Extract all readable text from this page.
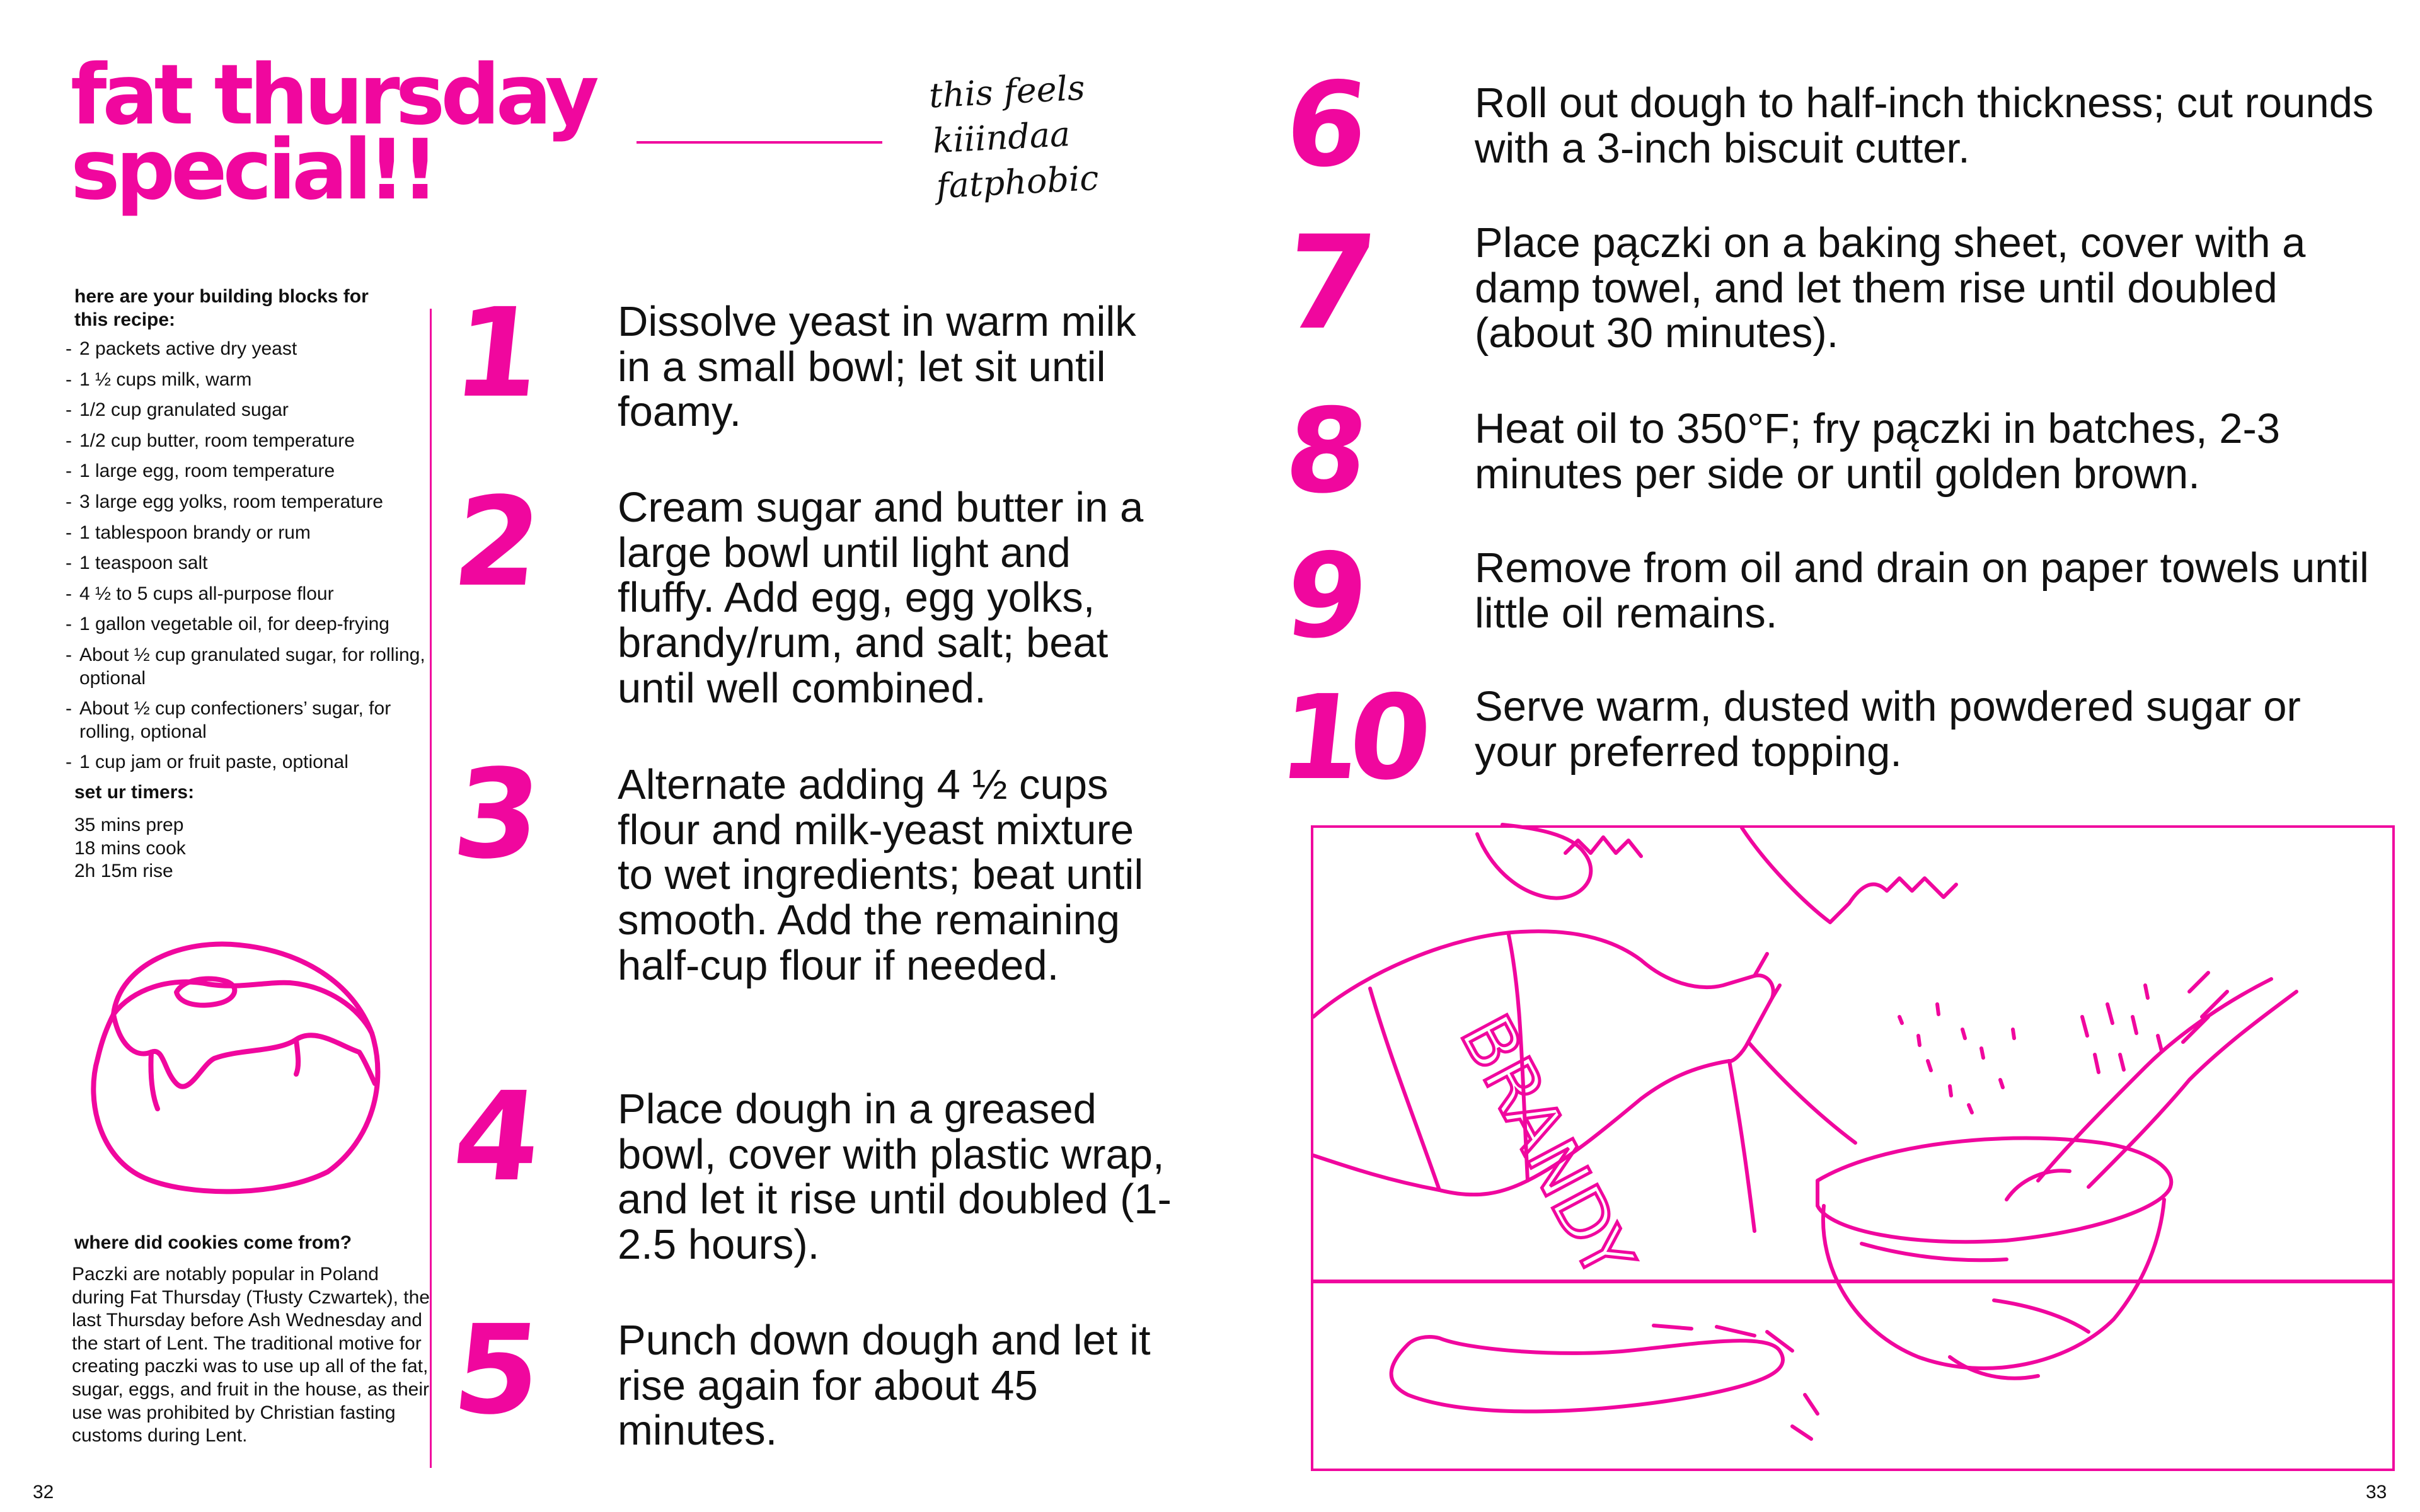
fat thursday
special!!
this feels kiiindaa fatphobic
here are your building blocks for this recipe:
- 2 packets active dry yeast
- 1 ½ cups milk, warm
- 1/2 cup granulated sugar
- 1/2 cup butter, room temperature
- 1 large egg, room temperature
- 3 large egg yolks, room temperature
- 1 tablespoon brandy or rum
- 1 teaspoon salt
- 4 ½ to 5 cups all-purpose flour
- 1 gallon vegetable oil, for deep-frying
- About ½ cup granulated sugar, for rolling, optional
- About ½ cup confectioners’ sugar, for rolling, optional
- 1 cup jam or fruit paste, optional
set ur timers:
35 mins prep
18 mins cook
2h 15m rise
where did cookies come from?

Paczki are notably popular in Poland during Fat Thursday (Tłusty Czwartek), the last Thursday before Ash Wednesday and the start of Lent. The traditional motive for creating paczki was to use up all of the fat, sugar, eggs, and fruit in the house, as their use was prohibited by Christian fasting customs during Lent.

32
1
2
3
4
5

Dissolve yeast in warm milk in a small bowl; let sit until foamy.

Cream sugar and butter in a large bowl until light and fluffy. Add egg, egg yolks, brandy/rum, and salt; beat until well combined.

Alternate adding 4 ½ cups flour and milk-yeast mixture to wet ingredients; beat until smooth. Add the remaining half-cup flour if needed.

Place dough in a greased bowl, cover with plastic wrap, and let it rise until doubled (1-2.5 hours).

Punch down dough and let it rise again for about 45 minutes.

6
7
8
9
10

Roll out dough to half-inch thickness; cut rounds with a 3-inch biscuit cutter.

Place pączki on a baking sheet, cover with a damp towel, and let them rise until doubled (about 30 minutes).

Heat oil to 350°F; fry pączki in batches, 2-3 minutes per side or until golden brown.

Remove from oil and drain on paper towels until little oil remains.

Serve warm, dusted with powdered sugar or your preferred topping.

BRANDY
33
